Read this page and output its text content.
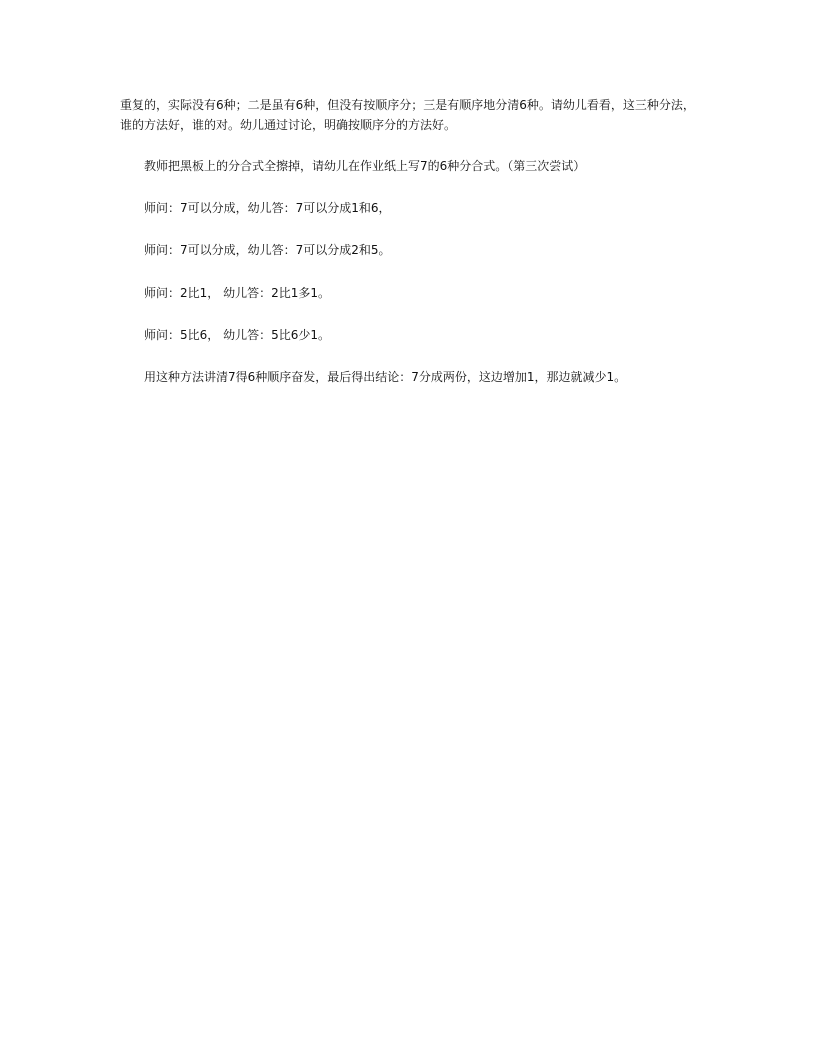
重复的，实际没有6种；二是虽有6种，但没有按顺序分；三是有顺序地分清6种。请幼儿看看，这三种分法，
谁的方法好，谁的对。幼儿通过讨论，明确按顺序分的方法好。

教师把黑板上的分合式全擦掉，请幼儿在作业纸上写7的6种分合式。（第三次尝试）

师问：7可以分成，幼儿答：7可以分成1和6，

师问：7可以分成，幼儿答：7可以分成2和5。

师问：2比1， 幼儿答：2比1多1。

师问：5比6， 幼儿答：5比6少1。

用这种方法讲清7得6种顺序奋发，最后得出结论：7分成两份，这边增加1，那边就减少1。
